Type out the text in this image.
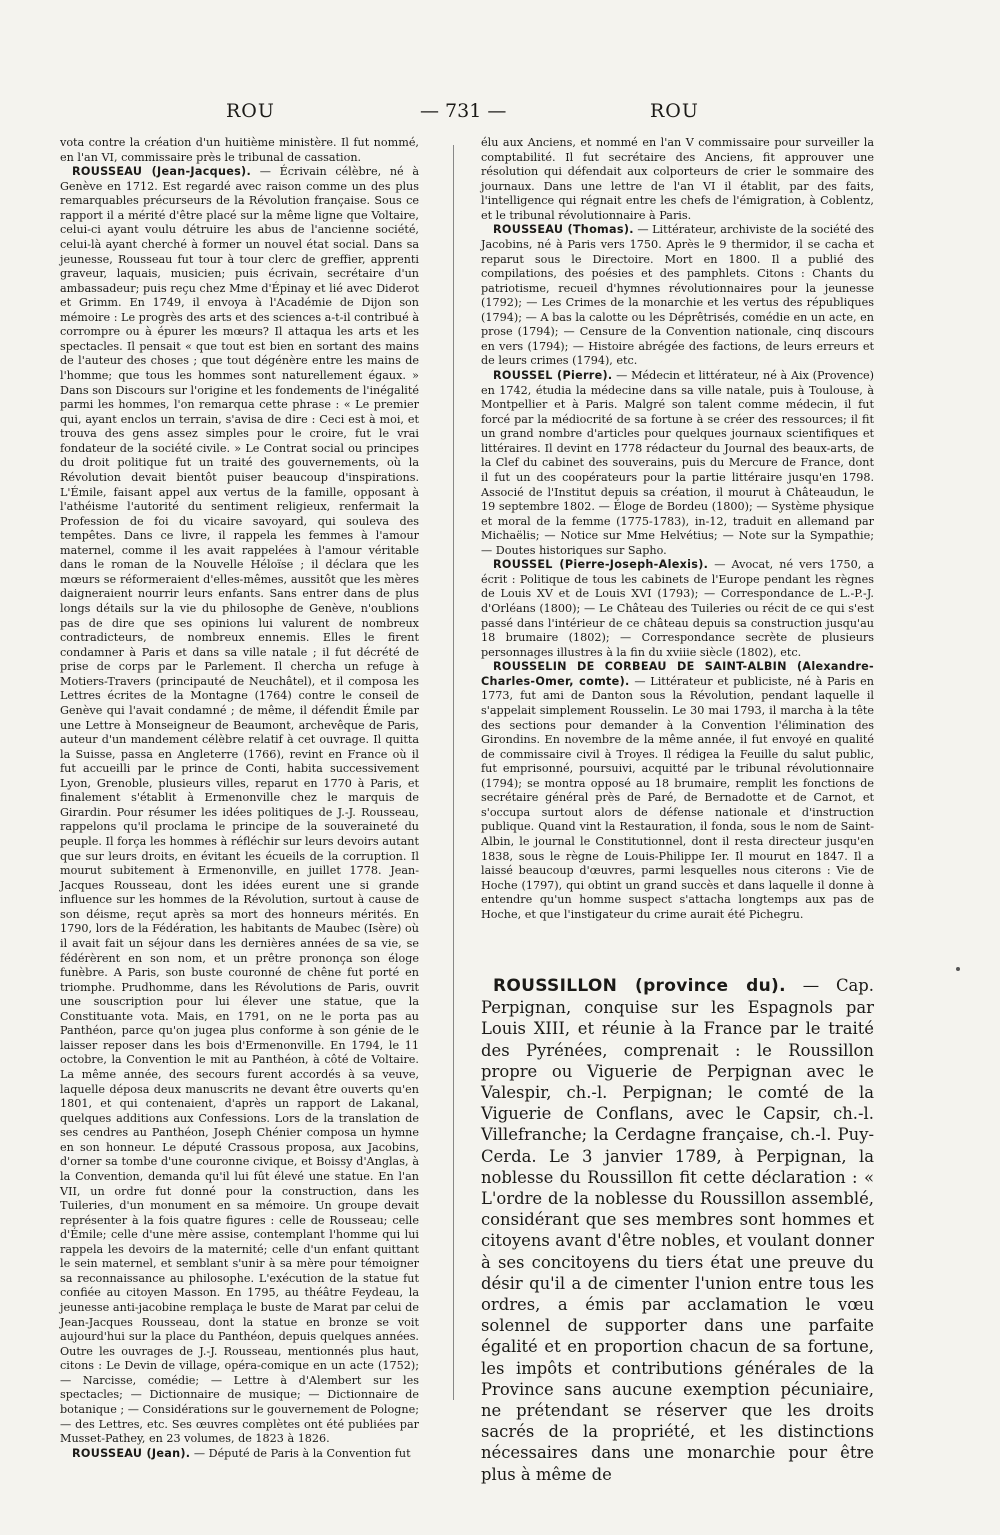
ROU	— 731 —	ROU

vota contre la création d'un huitième ministère. Il fut nommé, en l'an VI, commissaire près le tribunal de cassation.

ROUSSEAU (Jean-Jacques). — Écrivain célèbre, né à Genève en 1712. Est regardé avec raison comme un des plus remarquables précurseurs de la Révolution française. Sous ce rapport il a mérité d'être placé sur la même ligne que Voltaire, celui-ci ayant voulu détruire les abus de l'ancienne société, celui-là ayant cherché à former un nouvel état social. Dans sa jeunesse, Rousseau fut tour à tour clerc de greffier, apprenti graveur, laquais, musicien; puis écrivain, secrétaire d'un ambassadeur; puis reçu chez Mme d'Épinay et lié avec Diderot et Grimm. En 1749, il envoya à l'Académie de Dijon son mémoire : Le progrès des arts et des sciences a-t-il contribué à corrompre ou à épurer les mœurs? Il attaqua les arts et les spectacles. Il pensait « que tout est bien en sortant des mains de l'auteur des choses ; que tout dégénère entre les mains de l'homme; que tous les hommes sont naturellement égaux. » Dans son Discours sur l'origine et les fondements de l'inégalité parmi les hommes, l'on remarqua cette phrase : « Le premier qui, ayant enclos un terrain, s'avisa de dire : Ceci est à moi, et trouva des gens assez simples pour le croire, fut le vrai fondateur de la société civile. » Le Contrat social ou principes du droit politique fut un traité des gouvernements, où la Révolution devait bientôt puiser beaucoup d'inspirations. L'Émile, faisant appel aux vertus de la famille, opposant à l'athéisme l'autorité du sentiment religieux, renfermait la Profession de foi du vicaire savoyard, qui souleva des tempêtes. Dans ce livre, il rappela les femmes à l'amour maternel, comme il les avait rappelées à l'amour véritable dans le roman de la Nouvelle Héloïse ; il déclara que les mœurs se réformeraient d'elles-mêmes, aussitôt que les mères daigneraient nourrir leurs enfants. Sans entrer dans de plus longs détails sur la vie du philosophe de Genève, n'oublions pas de dire que ses opinions lui valurent de nombreux contradicteurs, de nombreux ennemis. Elles le firent condamner à Paris et dans sa ville natale ; il fut décrété de prise de corps par le Parlement. Il chercha un refuge à Motiers-Travers (principauté de Neuchâtel), et il composa les Lettres écrites de la Montagne (1764) contre le conseil de Genève qui l'avait condamné ; de même, il défendit Émile par une Lettre à Monseigneur de Beaumont, archevêque de Paris, auteur d'un mandement célèbre relatif à cet ouvrage. Il quitta la Suisse, passa en Angleterre (1766), revint en France où il fut accueilli par le prince de Conti, habita successivement Lyon, Grenoble, plusieurs villes, reparut en 1770 à Paris, et finalement s'établit à Ermenonville chez le marquis de Girardin. Pour résumer les idées politiques de J.-J. Rousseau, rappelons qu'il proclama le principe de la souveraineté du peuple. Il força les hommes à réfléchir sur leurs devoirs autant que sur leurs droits, en évitant les écueils de la corruption. Il mourut subitement à Ermenonville, en juillet 1778. Jean-Jacques Rousseau, dont les idées eurent une si grande influence sur les hommes de la Révolution, surtout à cause de son déisme, reçut après sa mort des honneurs mérités. En 1790, lors de la Fédération, les habitants de Maubec (Isère) où il avait fait un séjour dans les dernières années de sa vie, se fédérèrent en son nom, et un prêtre prononça son éloge funèbre. A Paris, son buste couronné de chêne fut porté en triomphe. Prudhomme, dans les Révolutions de Paris, ouvrit une souscription pour lui élever une statue, que la Constituante vota. Mais, en 1791, on ne le porta pas au Panthéon, parce qu'on jugea plus conforme à son génie de le laisser reposer dans les bois d'Ermenonville. En 1794, le 11 octobre, la Convention le mit au Panthéon, à côté de Voltaire. La même année, des secours furent accordés à sa veuve, laquelle déposa deux manuscrits ne devant être ouverts qu'en 1801, et qui contenaient, d'après un rapport de Lakanal, quelques additions aux Confessions. Lors de la translation de ses cendres au Panthéon, Joseph Chénier composa un hymne en son honneur. Le député Crassous proposa, aux Jacobins, d'orner sa tombe d'une couronne civique, et Boissy d'Anglas, à la Convention, demanda qu'il lui fût élevé une statue. En l'an VII, un ordre fut donné pour la construction, dans les Tuileries, d'un monument en sa mémoire. Un groupe devait représenter à la fois quatre figures : celle de Rousseau; celle d'Émile; celle d'une mère assise, contemplant l'homme qui lui rappela les devoirs de la maternité; celle d'un enfant quittant le sein maternel, et semblant s'unir à sa mère pour témoigner sa reconnaissance au philosophe. L'exécution de la statue fut confiée au citoyen Masson. En 1795, au théâtre Feydeau, la jeunesse anti-jacobine remplaça le buste de Marat par celui de Jean-Jacques Rousseau, dont la statue en bronze se voit aujourd'hui sur la place du Panthéon, depuis quelques années. Outre les ouvrages de J.-J. Rousseau, mentionnés plus haut, citons : Le Devin de village, opéra-comique en un acte (1752); — Narcisse, comédie; — Lettre à d'Alembert sur les spectacles; — Dictionnaire de musique; — Dictionnaire de botanique ; — Considérations sur le gouvernement de Pologne; — des Lettres, etc. Ses œuvres complètes ont été publiées par Musset-Pathey, en 23 volumes, de 1823 à 1826.

ROUSSEAU (Jean). — Député de Paris à la Convention fut

élu aux Anciens, et nommé en l'an V commissaire pour surveiller la comptabilité. Il fut secrétaire des Anciens, fit approuver une résolution qui défendait aux colporteurs de crier le sommaire des journaux. Dans une lettre de l'an VI il établit, par des faits, l'intelligence qui régnait entre les chefs de l'émigration, à Coblentz, et le tribunal révolutionnaire à Paris.

ROUSSEAU (Thomas). — Littérateur, archiviste de la société des Jacobins, né à Paris vers 1750. Après le 9 thermidor, il se cacha et reparut sous le Directoire. Mort en 1800. Il a publié des compilations, des poésies et des pamphlets. Citons : Chants du patriotisme, recueil d'hymnes révolutionnaires pour la jeunesse (1792); — Les Crimes de la monarchie et les vertus des républiques (1794); — A bas la calotte ou les Déprêtrisés, comédie en un acte, en prose (1794); — Censure de la Convention nationale, cinq discours en vers (1794); — Histoire abrégée des factions, de leurs erreurs et de leurs crimes (1794), etc.

ROUSSEL (Pierre). — Médecin et littérateur, né à Aix (Provence) en 1742, étudia la médecine dans sa ville natale, puis à Toulouse, à Montpellier et à Paris. Malgré son talent comme médecin, il fut forcé par la médiocrité de sa fortune à se créer des ressources; il fit un grand nombre d'articles pour quelques journaux scientifiques et littéraires. Il devint en 1778 rédacteur du Journal des beaux-arts, de la Clef du cabinet des souverains, puis du Mercure de France, dont il fut un des coopérateurs pour la partie littéraire jusqu'en 1798. Associé de l'Institut depuis sa création, il mourut à Châteaudun, le 19 septembre 1802. — Éloge de Bordeu (1800); — Système physique et moral de la femme (1775-1783), in-12, traduit en allemand par Michaëlis; — Notice sur Mme Helvétius; — Note sur la Sympathie; — Doutes historiques sur Sapho.

ROUSSEL (Pierre-Joseph-Alexis). — Avocat, né vers 1750, a écrit : Politique de tous les cabinets de l'Europe pendant les règnes de Louis XV et de Louis XVI (1793); — Correspondance de L.-P.-J. d'Orléans (1800); — Le Château des Tuileries ou récit de ce qui s'est passé dans l'intérieur de ce château depuis sa construction jusqu'au 18 brumaire (1802); — Correspondance secrète de plusieurs personnages illustres à la fin du xviiie siècle (1802), etc.

ROUSSELIN DE CORBEAU DE SAINT-ALBIN (Alexandre-Charles-Omer, comte). — Littérateur et publiciste, né à Paris en 1773, fut ami de Danton sous la Révolution, pendant laquelle il s'appelait simplement Rousselin. Le 30 mai 1793, il marcha à la tête des sections pour demander à la Convention l'élimination des Girondins. En novembre de la même année, il fut envoyé en qualité de commissaire civil à Troyes. Il rédigea la Feuille du salut public, fut emprisonné, poursuivi, acquitté par le tribunal révolutionnaire (1794); se montra opposé au 18 brumaire, remplit les fonctions de secrétaire général près de Paré, de Bernadotte et de Carnot, et s'occupa surtout alors de défense nationale et d'instruction publique. Quand vint la Restauration, il fonda, sous le nom de Saint-Albin, le journal le Constitutionnel, dont il resta directeur jusqu'en 1838, sous le règne de Louis-Philippe Ier. Il mourut en 1847. Il a laissé beaucoup d'œuvres, parmi lesquelles nous citerons : Vie de Hoche (1797), qui obtint un grand succès et dans laquelle il donne à entendre qu'un homme suspect s'attacha longtemps aux pas de Hoche, et que l'instigateur du crime aurait été Pichegru.

ROUSSILLON (province du). — Cap. Perpignan, conquise sur les Espagnols par Louis XIII, et réunie à la France par le traité des Pyrénées, comprenait : le Roussillon propre ou Viguerie de Perpignan avec le Valespir, ch.-l. Perpignan; le comté de la Viguerie de Conflans, avec le Capsir, ch.-l. Villefranche; la Cerdagne française, ch.-l. Puy-Cerda. Le 3 janvier 1789, à Perpignan, la noblesse du Roussillon fit cette déclaration : « L'ordre de la noblesse du Roussillon assemblé, considérant que ses membres sont hommes et citoyens avant d'être nobles, et voulant donner à ses concitoyens du tiers état une preuve du désir qu'il a de cimenter l'union entre tous les ordres, a émis par acclamation le vœu solennel de supporter dans une parfaite égalité et en proportion chacun de sa fortune, les impôts et contributions générales de la Province sans aucune exemption pécuniaire, ne prétendant se réserver que les droits sacrés de la propriété, et les distinctions nécessaires dans une monarchie pour être plus à même de
